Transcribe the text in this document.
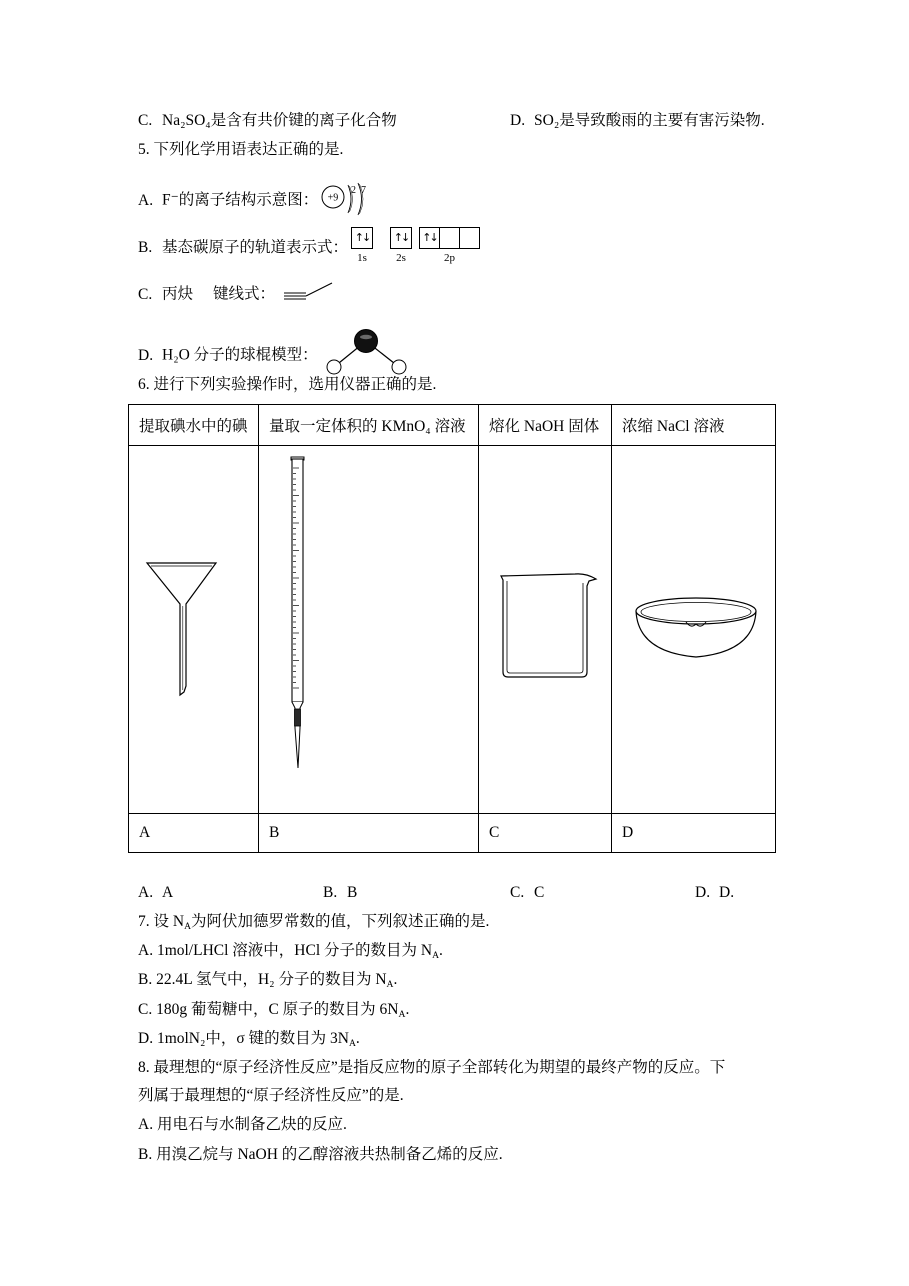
C. Na₂SO₄是含有共价键的离子化合物	D. SO₂是导致酸雨的主要有害污染物.
5. 下列化学用语表达正确的是.
A. F⁻的离子结构示意图： +9
2 7
B. 基态碳原子的轨道表示式：
↑↓	↑↓	↑↓
1s	2s	2p
C. 丙炔 键线式：
D. H₂O 分子的球棍模型：
6. 进行下列实验操作时，选用仪器正确的是.
提取碘水中的碘	量取一定体积的 KMnO₄ 溶液	熔化 NaOH 固体	浓缩 NaCl 溶液

A	B	C	D
A. A	B. B	C. C	D. D.
7. 设 $N_A$为阿伏加德罗常数的值，下列叙述正确的是.
A. 1mol/LHCl 溶液中，HCl 分子的数目为 $N_A$.
B. 22.4L 氢气中，H₂ 分子的数目为 $N_A$.
C. 180g 葡萄糖中，C 原子的数目为 $6N_A$.
D. 1molN₂中，σ 键的数目为 $3N_A$.
8. 最理想的“原子经济性反应”是指反应物的原子全部转化为期望的最终产物的反应。下
列属于最理想的“原子经济性反应”的是.
A. 用电石与水制备乙炔的反应.
B. 用溴乙烷与 NaOH 的乙醇溶液共热制备乙烯的反应.
